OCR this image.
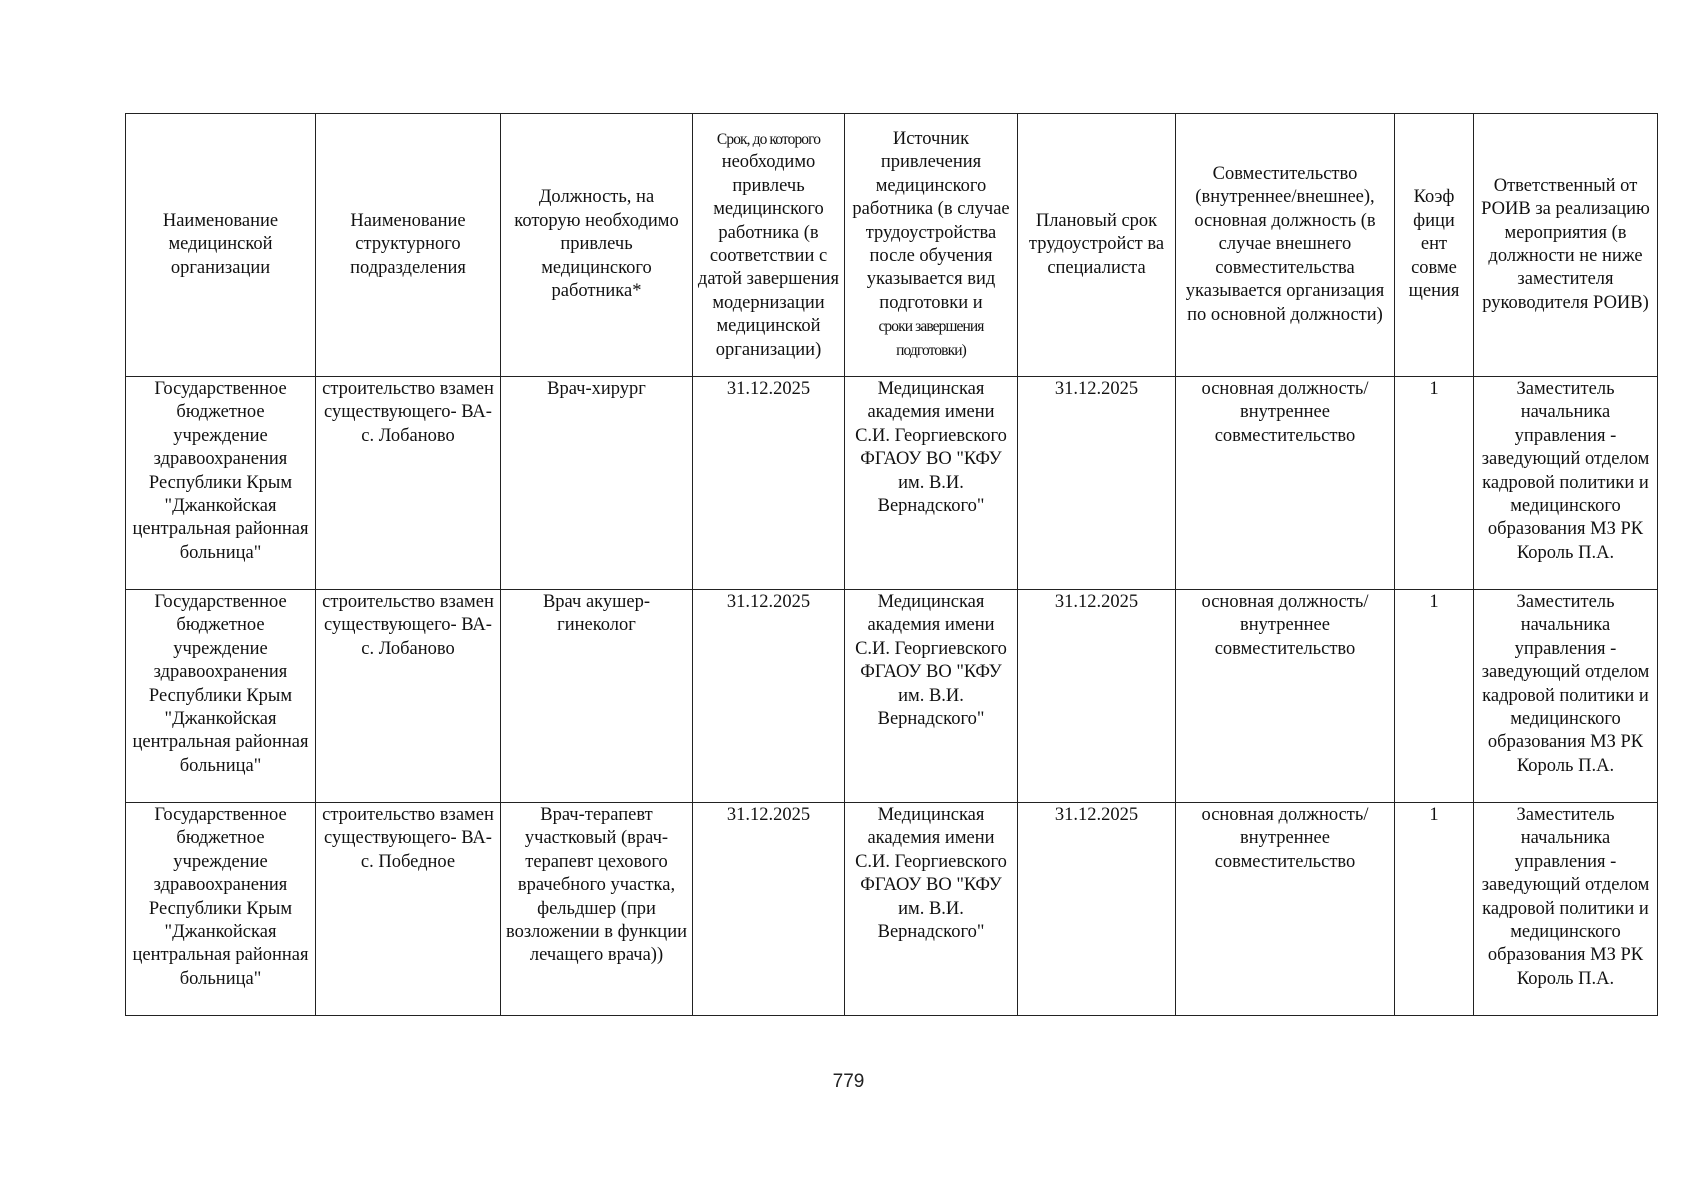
Наименование медицинской организации	Наименование структурного подразделения	Должность, на которую необходимо привлечь медицинского работника*	Срок, до которого
необходимо привлечь медицинского работника (в соответствии с датой завершения модернизации медицинской организации)	Источник привлечения медицинского работника (в случае трудоустройства после обучения указывается вид подготовки и
сроки завершения подготовки)	Плановый срок трудоустройст ва специалиста	Совместительство (внутреннее/внешнее), основная должность (в случае внешнего совместительства указывается организация по основной должности)	Коэф фици ент совме щения	Ответственный от РОИВ за реализацию мероприятия (в должности не ниже заместителя руководителя РОИВ)

Государственное бюджетное учреждение здравоохранения Республики Крым "Джанкойская центральная районная больница"	строительство взамен существующего- ВА-с. Лобаново	Врач-хирург	31.12.2025	Медицинская академия имени С.И. Георгиевского ФГАОУ ВО "КФУ им. В.И. Вернадского"	31.12.2025	основная должность/ внутреннее совместительство	1	Заместитель начальника управления - заведующий отделом кадровой политики и медицинского образования МЗ РК Король П.А.
Государственное бюджетное учреждение здравоохранения Республики Крым "Джанкойская центральная районная больница"	строительство взамен существующего- ВА-с. Лобаново	Врач акушер- гинеколог	31.12.2025	Медицинская академия имени С.И. Георгиевского ФГАОУ ВО "КФУ им. В.И. Вернадского"	31.12.2025	основная должность/ внутреннее совместительство	1	Заместитель начальника управления - заведующий отделом кадровой политики и медицинского образования МЗ РК Король П.А.
Государственное бюджетное учреждение здравоохранения Республики Крым "Джанкойская центральная районная больница"	строительство взамен существующего- ВА-с. Победное	Врач-терапевт участковый (врач- терапевт цехового врачебного участка, фельдшер (при возложении в функции лечащего врача))	31.12.2025	Медицинская академия имени С.И. Георгиевского ФГАОУ ВО "КФУ им. В.И. Вернадского"	31.12.2025	основная должность/ внутреннее совместительство	1	Заместитель начальника управления - заведующий отделом кадровой политики и медицинского образования МЗ РК Король П.А.
779
